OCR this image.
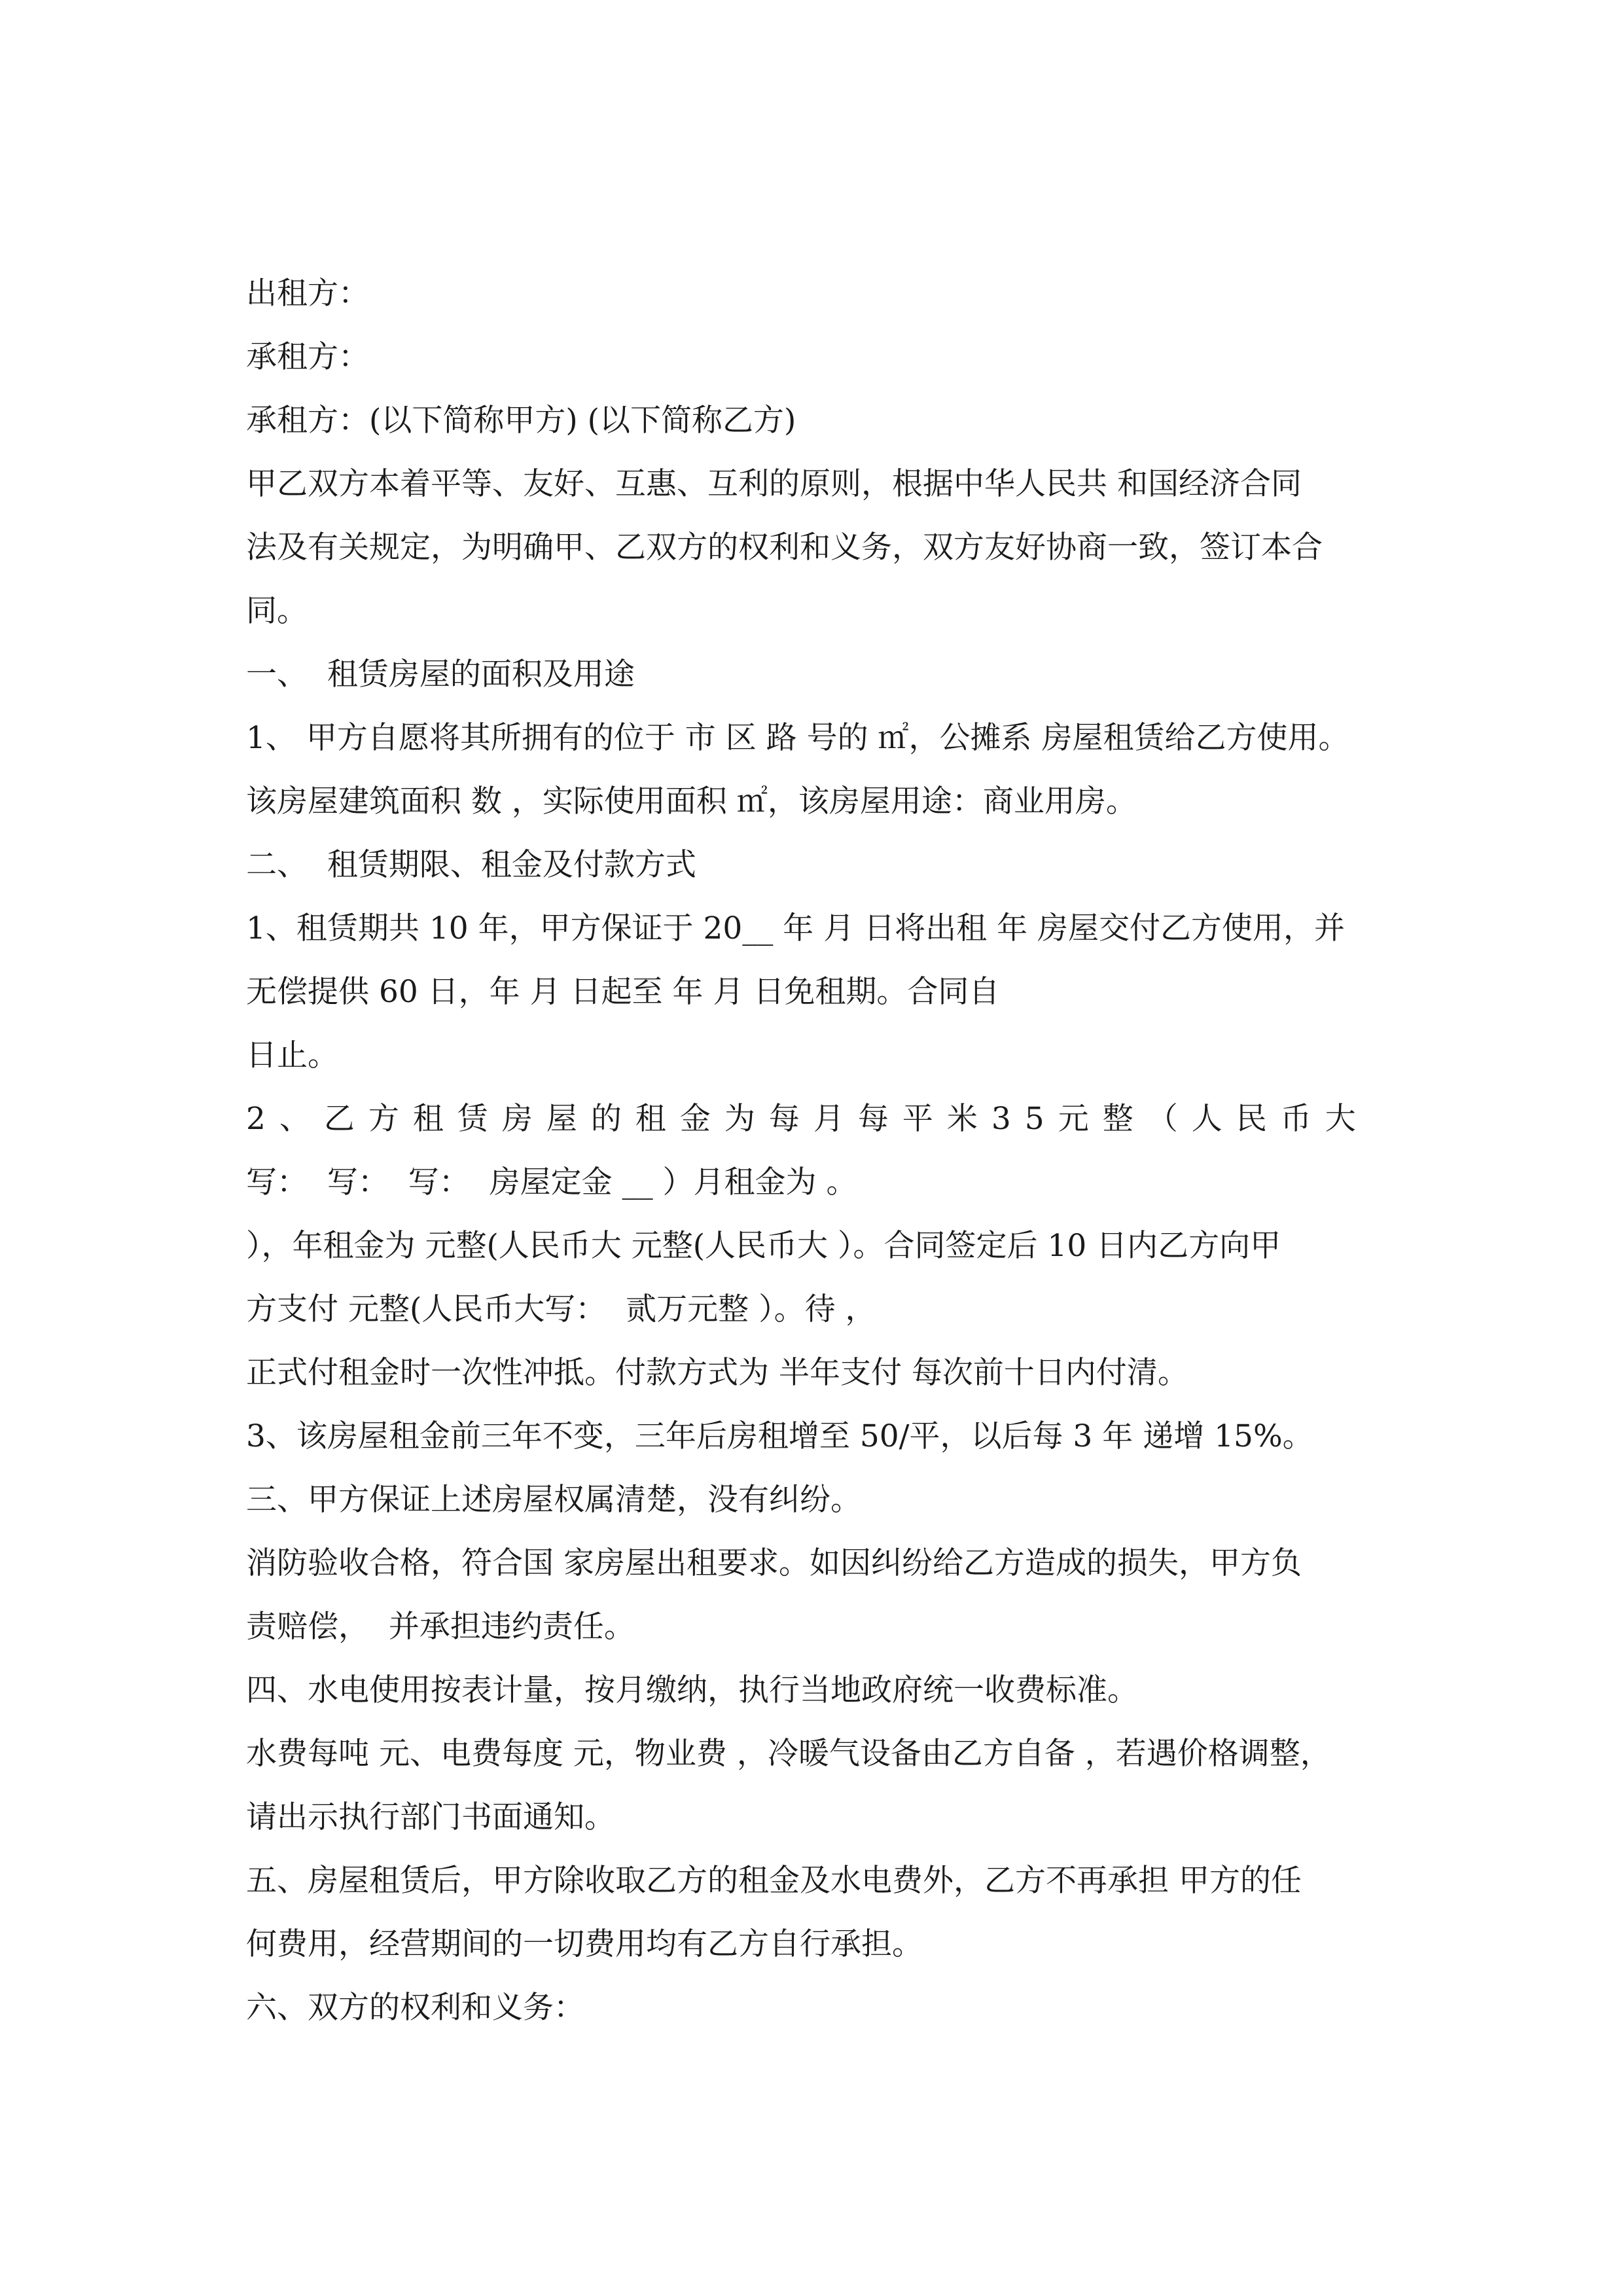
出租方：
承租方：
承租方：(以下简称甲方) (以下简称乙方)
甲乙双方本着平等、友好、互惠、互利的原则，根据中华人民共 和国经济合同
法及有关规定，为明确甲、乙双方的权利和义务，双方友好协商一致，签订本合
同。
一、  租赁房屋的面积及用途
1、 甲方自愿将其所拥有的位于 市 区 路 号的 ㎡，公摊系 房屋租赁给乙方使用。
该房屋建筑面积 数 ，实际使用面积 ㎡，该房屋用途：商业用房。
二、  租赁期限、租金及付款方式
1、租赁期共 10 年，甲方保证于 20__ 年 月 日将出租 年 房屋交付乙方使用，并
无偿提供 60 日，年 月 日起至 年 月 日免租期。合同自
日止。
2、乙方租赁房屋的租金为每月每平米35元整（人民币大
写：  写：  写：  房屋定金 __ ）月租金为 。
），年租金为 元整(人民币大 元整(人民币大 ）。合同签定后 10 日内乙方向甲
方支付 元整(人民币大写：  贰万元整 ）。待 ，
正式付租金时一次性冲抵。付款方式为 半年支付 每次前十日内付清。
3、该房屋租金前三年不变，三年后房租增至 50/平，以后每 3 年 递增 15%。
三、甲方保证上述房屋权属清楚，没有纠纷。
消防验收合格，符合国 家房屋出租要求。如因纠纷给乙方造成的损失，甲方负
责赔偿，  并承担违约责任。
四、水电使用按表计量，按月缴纳，执行当地政府统一收费标准。
水费每吨 元、电费每度 元，物业费 ，冷暖气设备由乙方自备 ，若遇价格调整，
请出示执行部门书面通知。
五、房屋租赁后，甲方除收取乙方的租金及水电费外，乙方不再承担 甲方的任
何费用，经营期间的一切费用均有乙方自行承担。
六、双方的权利和义务：
